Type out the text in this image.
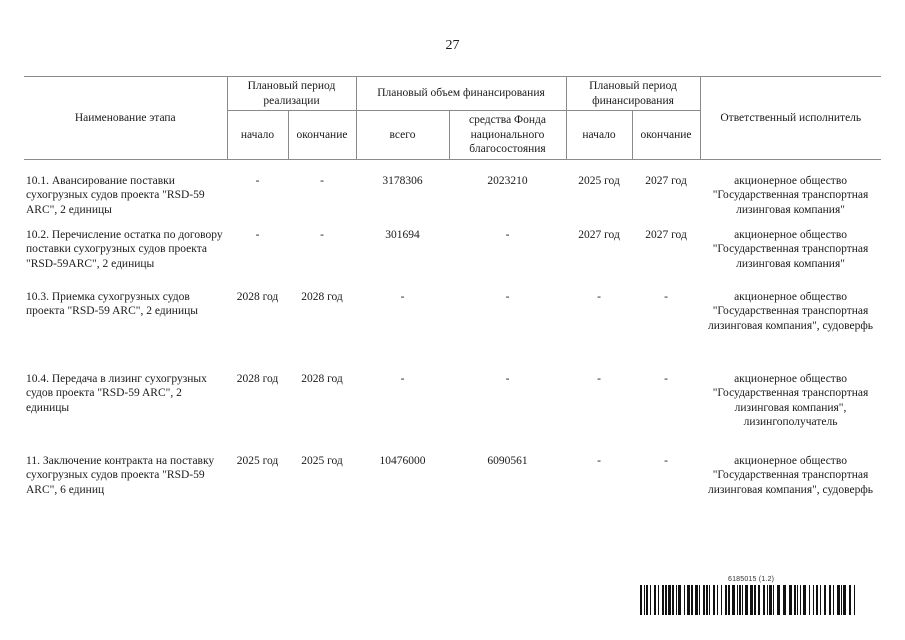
27
Наименование этапа	Плановый период реализации		Плановый объем финансирования		Плановый период финансирования		Ответственный исполнитель
	начало	окончание	всего	средства Фонда национального благосостояния	начало	окончание	
10.1. Авансирование поставки сухогрузных судов проекта "RSD-59 ARC", 2 единицы	-	-	3178306	2023210	2025 год	2027 год	акционерное общество "Государственная транспортная лизинговая компания"
10.2. Перечисление остатка по договору поставки сухогрузных судов проекта "RSD-59ARC", 2 единицы	-	-	301694	-	2027 год	2027 год	акционерное общество "Государственная транспортная лизинговая компания"
10.3. Приемка сухогрузных судов проекта "RSD-59 ARC", 2 единицы	2028 год	2028 год	-	-	-	-	акционерное общество "Государственная транспортная лизинговая компания", судоверфь
10.4. Передача в лизинг сухогрузных судов проекта "RSD-59 ARC", 2 единицы	2028 год	2028 год	-	-	-	-	акционерное общество "Государственная транспортная лизинговая компания", лизингополучатель
11. Заключение контракта на поставку сухогрузных судов проекта "RSD-59 ARC", 6 единиц	2025 год	2025 год	10476000	6090561	-	-	акционерное общество "Государственная транспортная лизинговая компания", судоверфь
6185015 (1.2)
